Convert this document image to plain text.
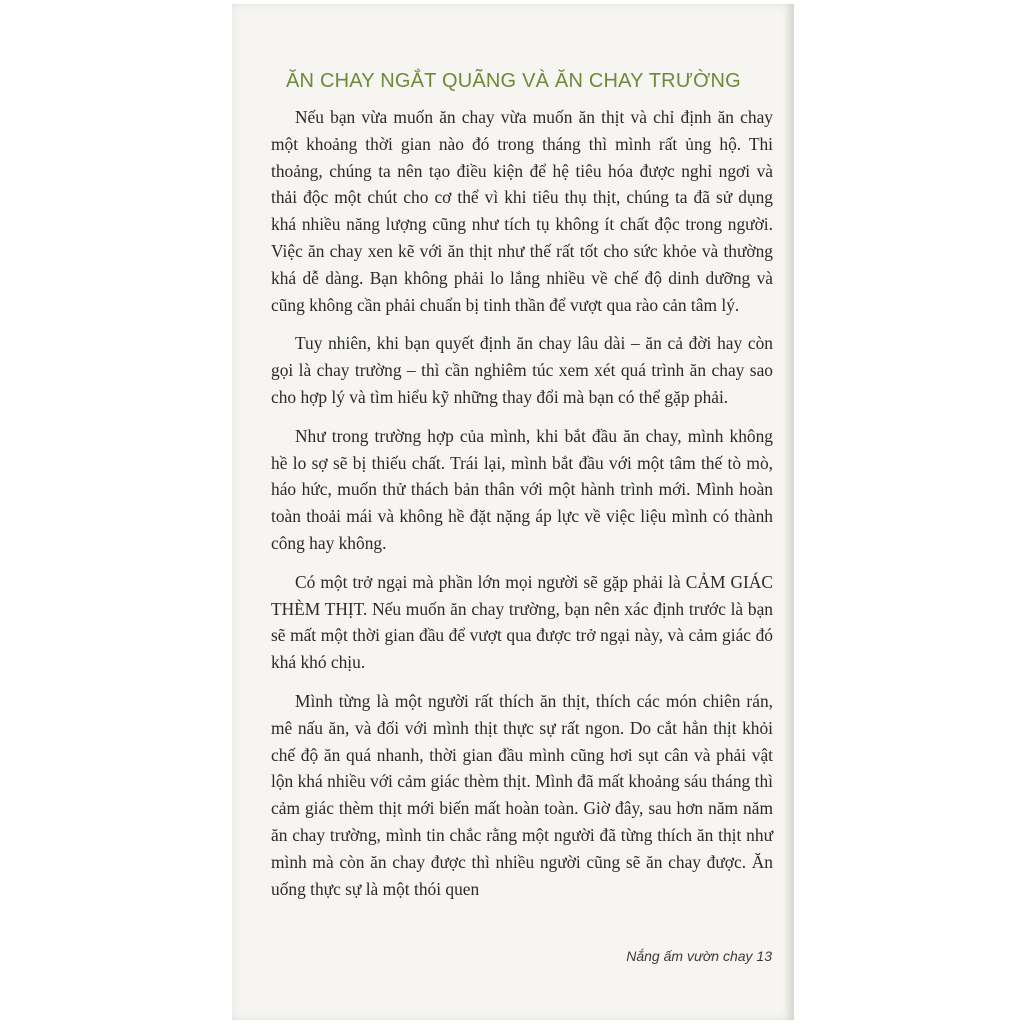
ĂN CHAY NGẮT QUÃNG VÀ ĂN CHAY TRƯỜNG

Nếu bạn vừa muốn ăn chay vừa muốn ăn thịt và chỉ định ăn chay một khoảng thời gian nào đó trong tháng thì mình rất ủng hộ. Thi thoảng, chúng ta nên tạo điều kiện để hệ tiêu hóa được nghỉ ngơi và thải độc một chút cho cơ thể vì khi tiêu thụ thịt, chúng ta đã sử dụng khá nhiều năng lượng cũng như tích tụ không ít chất độc trong người. Việc ăn chay xen kẽ với ăn thịt như thế rất tốt cho sức khỏe và thường khá dễ dàng. Bạn không phải lo lắng nhiều về chế độ dinh dưỡng và cũng không cần phải chuẩn bị tinh thần để vượt qua rào cản tâm lý.

Tuy nhiên, khi bạn quyết định ăn chay lâu dài – ăn cả đời hay còn gọi là chay trường – thì cần nghiêm túc xem xét quá trình ăn chay sao cho hợp lý và tìm hiểu kỹ những thay đổi mà bạn có thể gặp phải.

Như trong trường hợp của mình, khi bắt đầu ăn chay, mình không hề lo sợ sẽ bị thiếu chất. Trái lại, mình bắt đầu với một tâm thế tò mò, háo hức, muốn thử thách bản thân với một hành trình mới. Mình hoàn toàn thoải mái và không hề đặt nặng áp lực về việc liệu mình có thành công hay không.

Có một trở ngại mà phần lớn mọi người sẽ gặp phải là CẢM GIÁC THÈM THỊT. Nếu muốn ăn chay trường, bạn nên xác định trước là bạn sẽ mất một thời gian đầu để vượt qua được trở ngại này, và cảm giác đó khá khó chịu.

Mình từng là một người rất thích ăn thịt, thích các món chiên rán, mê nấu ăn, và đối với mình thịt thực sự rất ngon. Do cắt hẳn thịt khỏi chế độ ăn quá nhanh, thời gian đầu mình cũng hơi sụt cân và phải vật lộn khá nhiều với cảm giác thèm thịt. Mình đã mất khoảng sáu tháng thì cảm giác thèm thịt mới biến mất hoàn toàn. Giờ đây, sau hơn năm năm ăn chay trường, mình tin chắc rằng một người đã từng thích ăn thịt như mình mà còn ăn chay được thì nhiều người cũng sẽ ăn chay được. Ăn uống thực sự là một thói quen

Nắng ấm vườn chay 13
